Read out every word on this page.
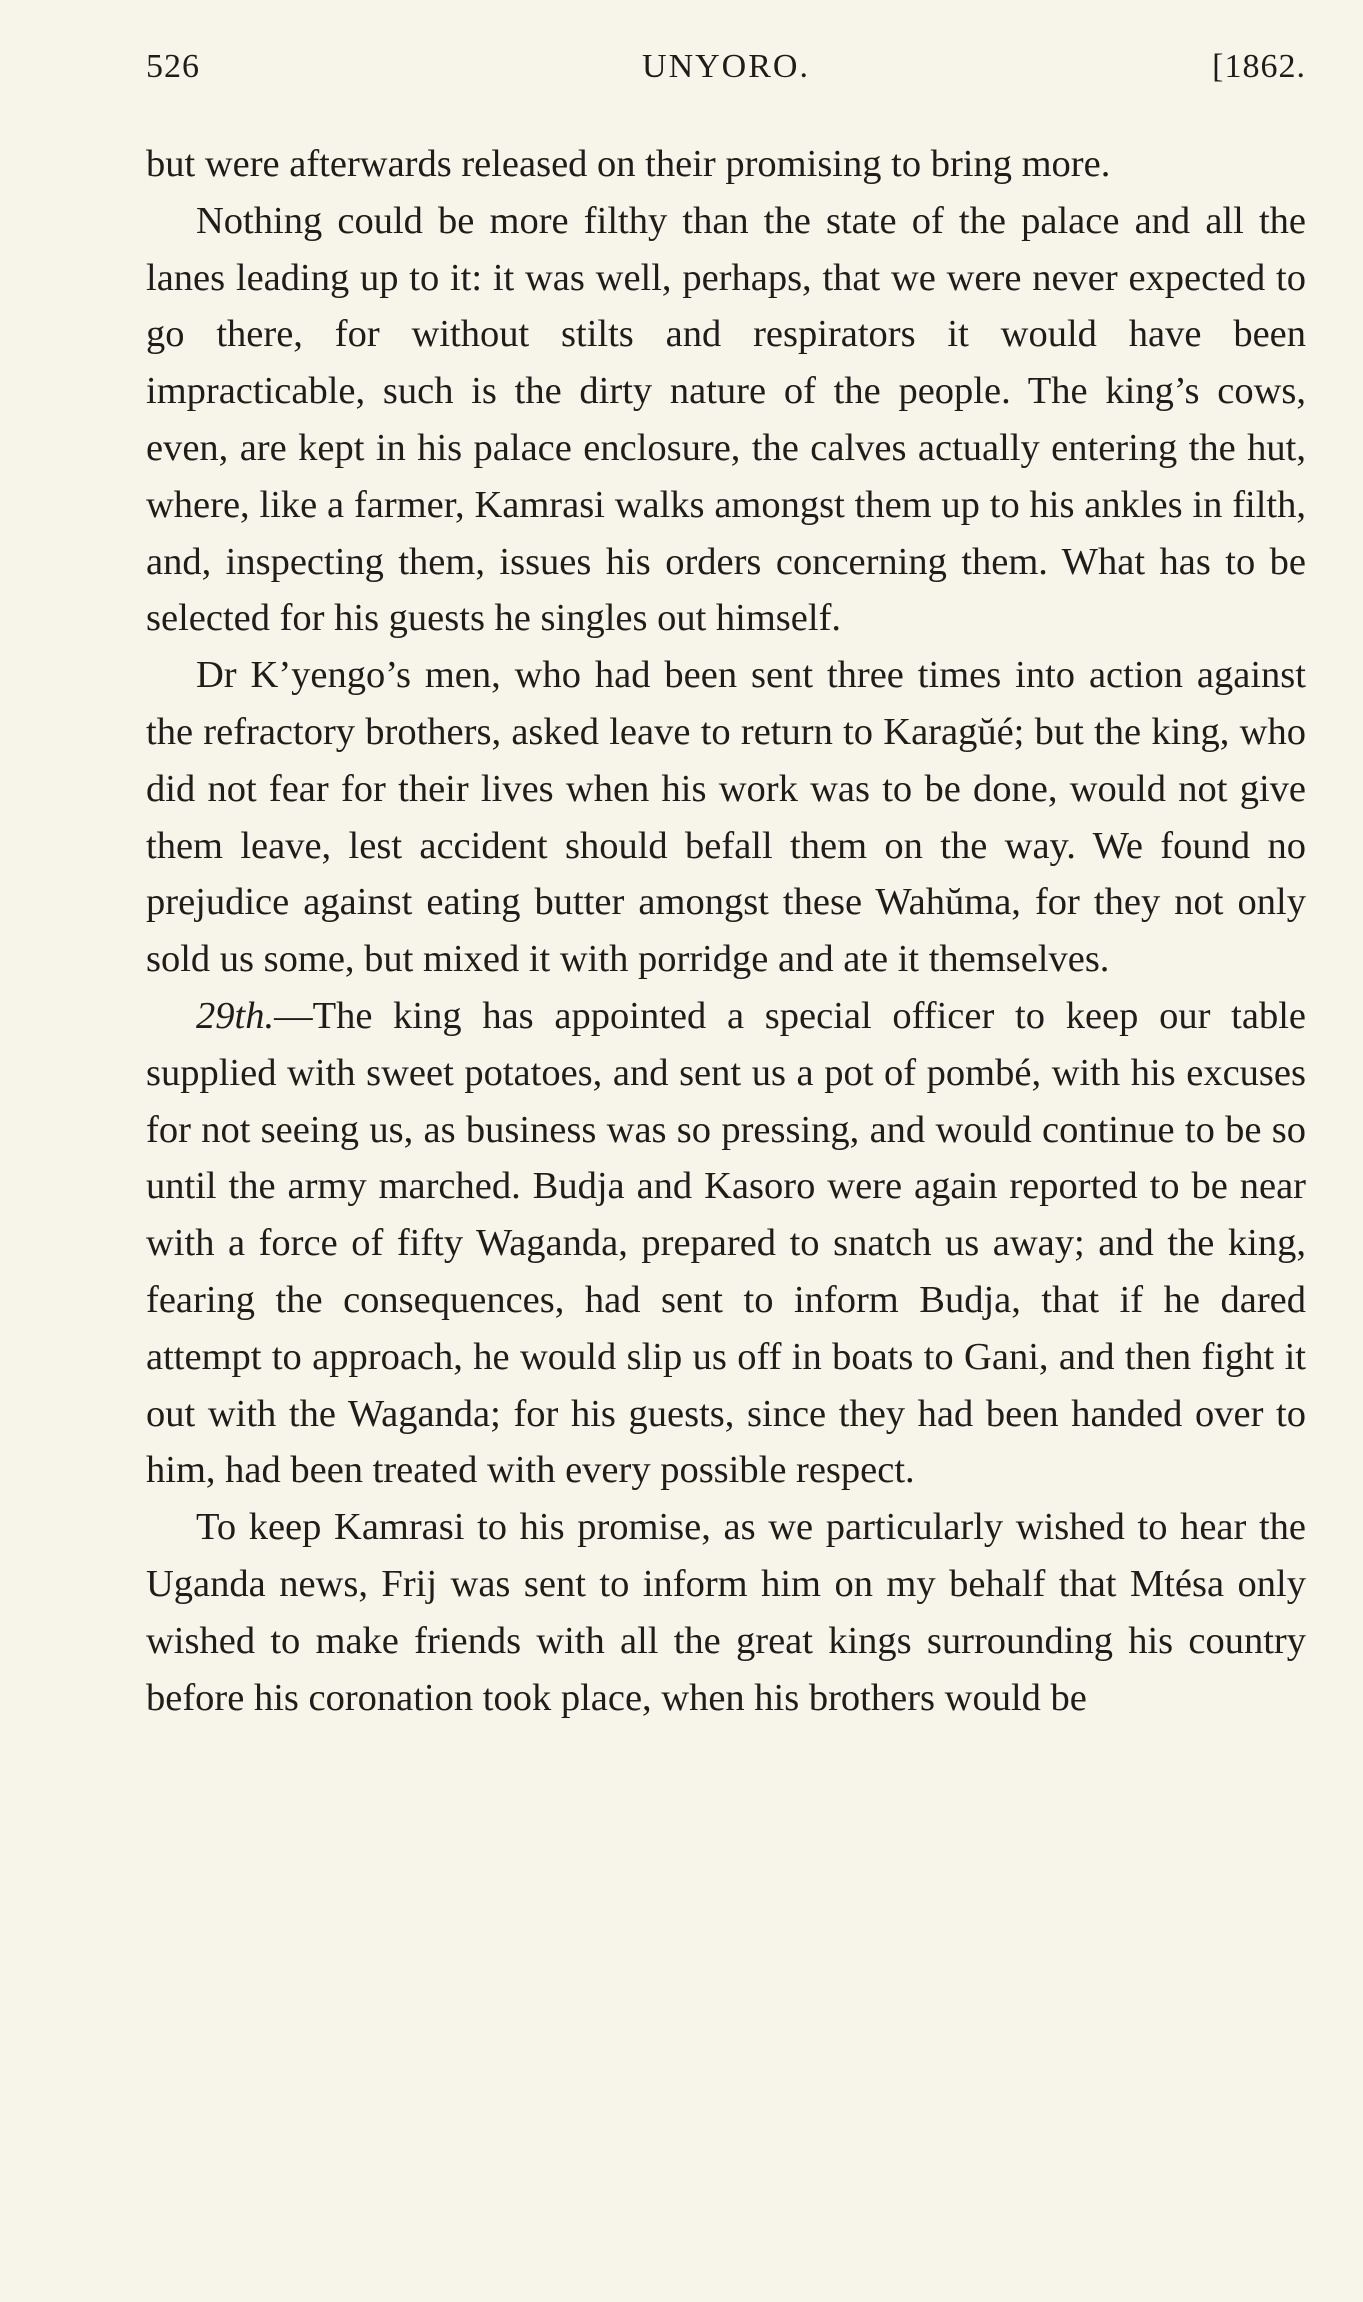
526	UNYORO.	[1862.

but were afterwards released on their promising to bring more.

Nothing could be more filthy than the state of the palace and all the lanes leading up to it: it was well, perhaps, that we were never expected to go there, for without stilts and respirators it would have been impracticable, such is the dirty nature of the people. The king’s cows, even, are kept in his palace enclosure, the calves actually entering the hut, where, like a farmer, Kamrasi walks amongst them up to his ankles in filth, and, inspecting them, issues his orders concerning them. What has to be selected for his guests he singles out himself.

Dr K’yengo’s men, who had been sent three times into action against the refractory brothers, asked leave to return to Karagŭé; but the king, who did not fear for their lives when his work was to be done, would not give them leave, lest accident should befall them on the way. We found no prejudice against eating butter amongst these Wahŭma, for they not only sold us some, but mixed it with porridge and ate it themselves.

29th.—The king has appointed a special officer to keep our table supplied with sweet potatoes, and sent us a pot of pombé, with his excuses for not seeing us, as business was so pressing, and would continue to be so until the army marched. Budja and Kasoro were again reported to be near with a force of fifty Waganda, prepared to snatch us away; and the king, fearing the consequences, had sent to inform Budja, that if he dared attempt to approach, he would slip us off in boats to Gani, and then fight it out with the Waganda; for his guests, since they had been handed over to him, had been treated with every possible respect.

To keep Kamrasi to his promise, as we particularly wished to hear the Uganda news, Frij was sent to inform him on my behalf that Mtésa only wished to make friends with all the great kings surrounding his country before his coronation took place, when his brothers would be
